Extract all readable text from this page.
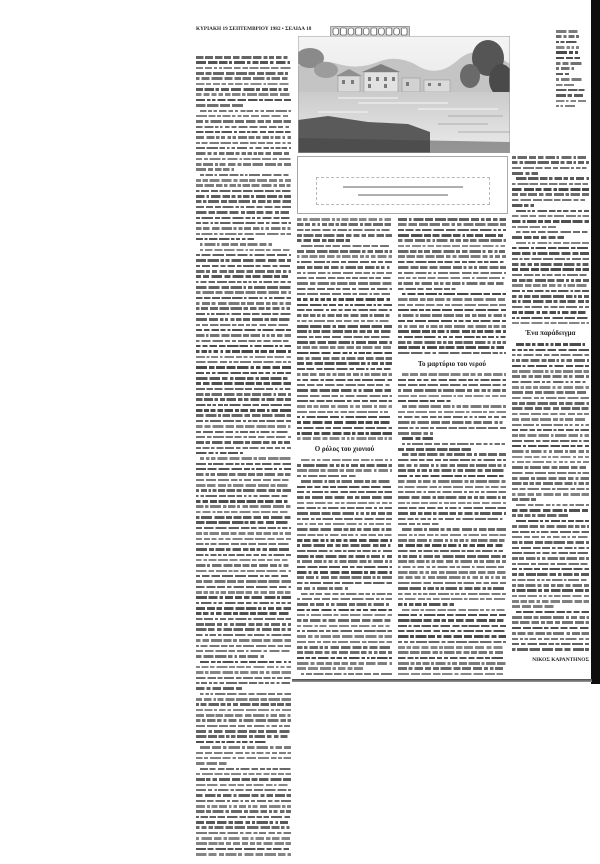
ΚΥΡΙΑΚΗ 19 ΣΕΠΤΕΜΒΡΙΟΥ 1982 • ΣΕΛΙΔΑ 18
Ο ρόλος του χιονιού
Το μαρτύριο του νερού
Ένα παράδειγμα
ΝΙΚΟΣ ΚΑΡΑΝΤΗΝΟΣ
